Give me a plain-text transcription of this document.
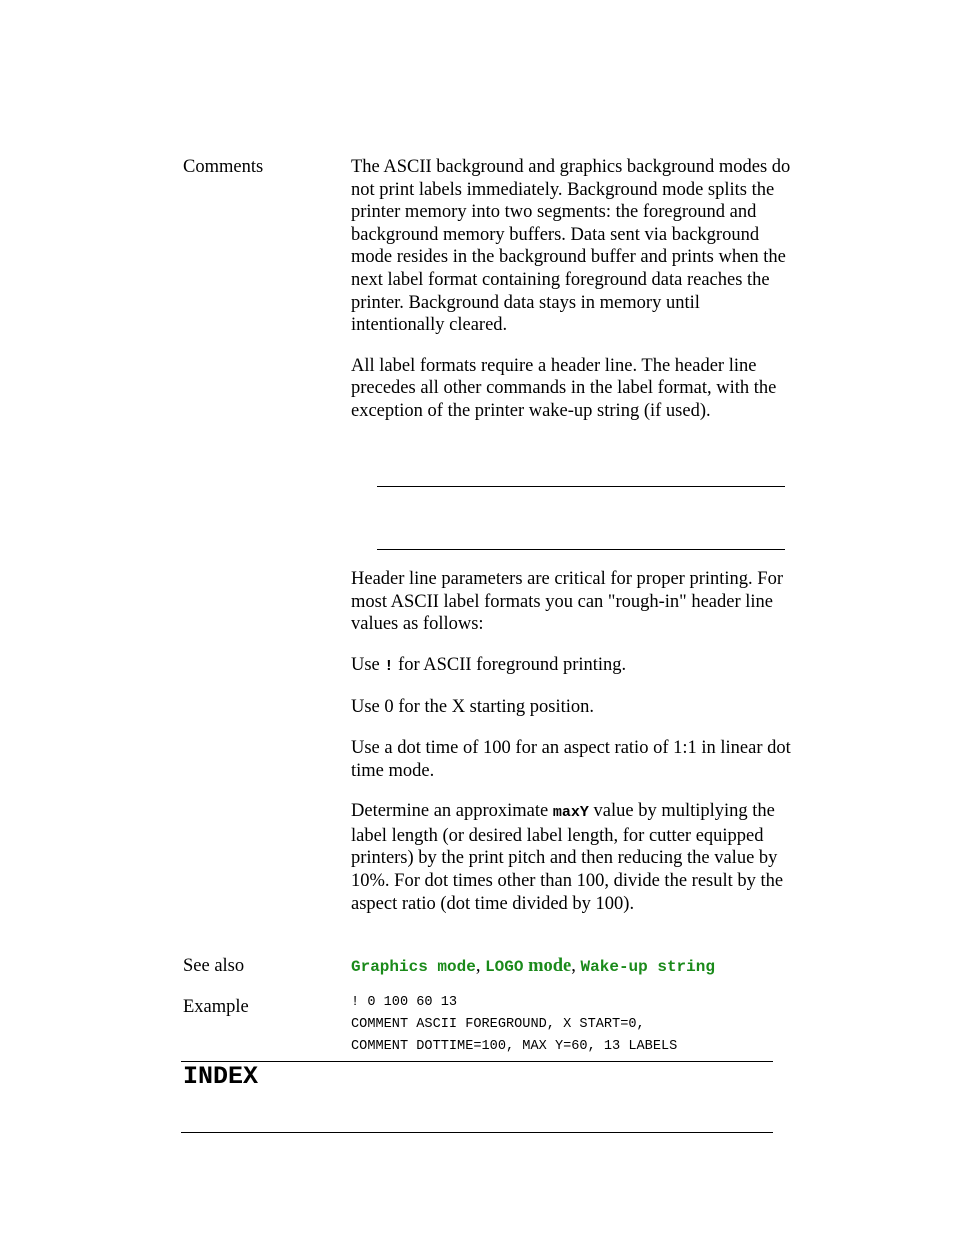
Comments	The ASCII background and graphics background modes do not print labels immediately. Background mode splits the printer memory into two segments: the foreground and background memory buffers. Data sent via background mode resides in the background buffer and prints when the next label format containing foreground data reaches the printer. Background data stays in memory until intentionally cleared.

All label formats require a header line. The header line precedes all other commands in the label format, with the exception of the printer wake-up string (if used).

Header line parameters are critical for proper printing. For most ASCII label formats you can "rough-in" header line values as follows:

Use ! for ASCII foreground printing.

Use 0 for the X starting position.

Use a dot time of 100 for an aspect ratio of 1:1 in linear dot time mode.

Determine an approximate maxY value by multiplying the label length (or desired label length, for cutter equipped printers) by the print pitch and then reducing the value by 10%. For dot times other than 100, divide the result by the aspect ratio (dot time divided by 100).

See also	Graphics mode, LOGO mode, Wake-up string
Example	! 0 100 60 13
COMMENT ASCII FOREGROUND, X START=0,
COMMENT DOTTIME=100, MAX Y=60, 13 LABELS
INDEX
